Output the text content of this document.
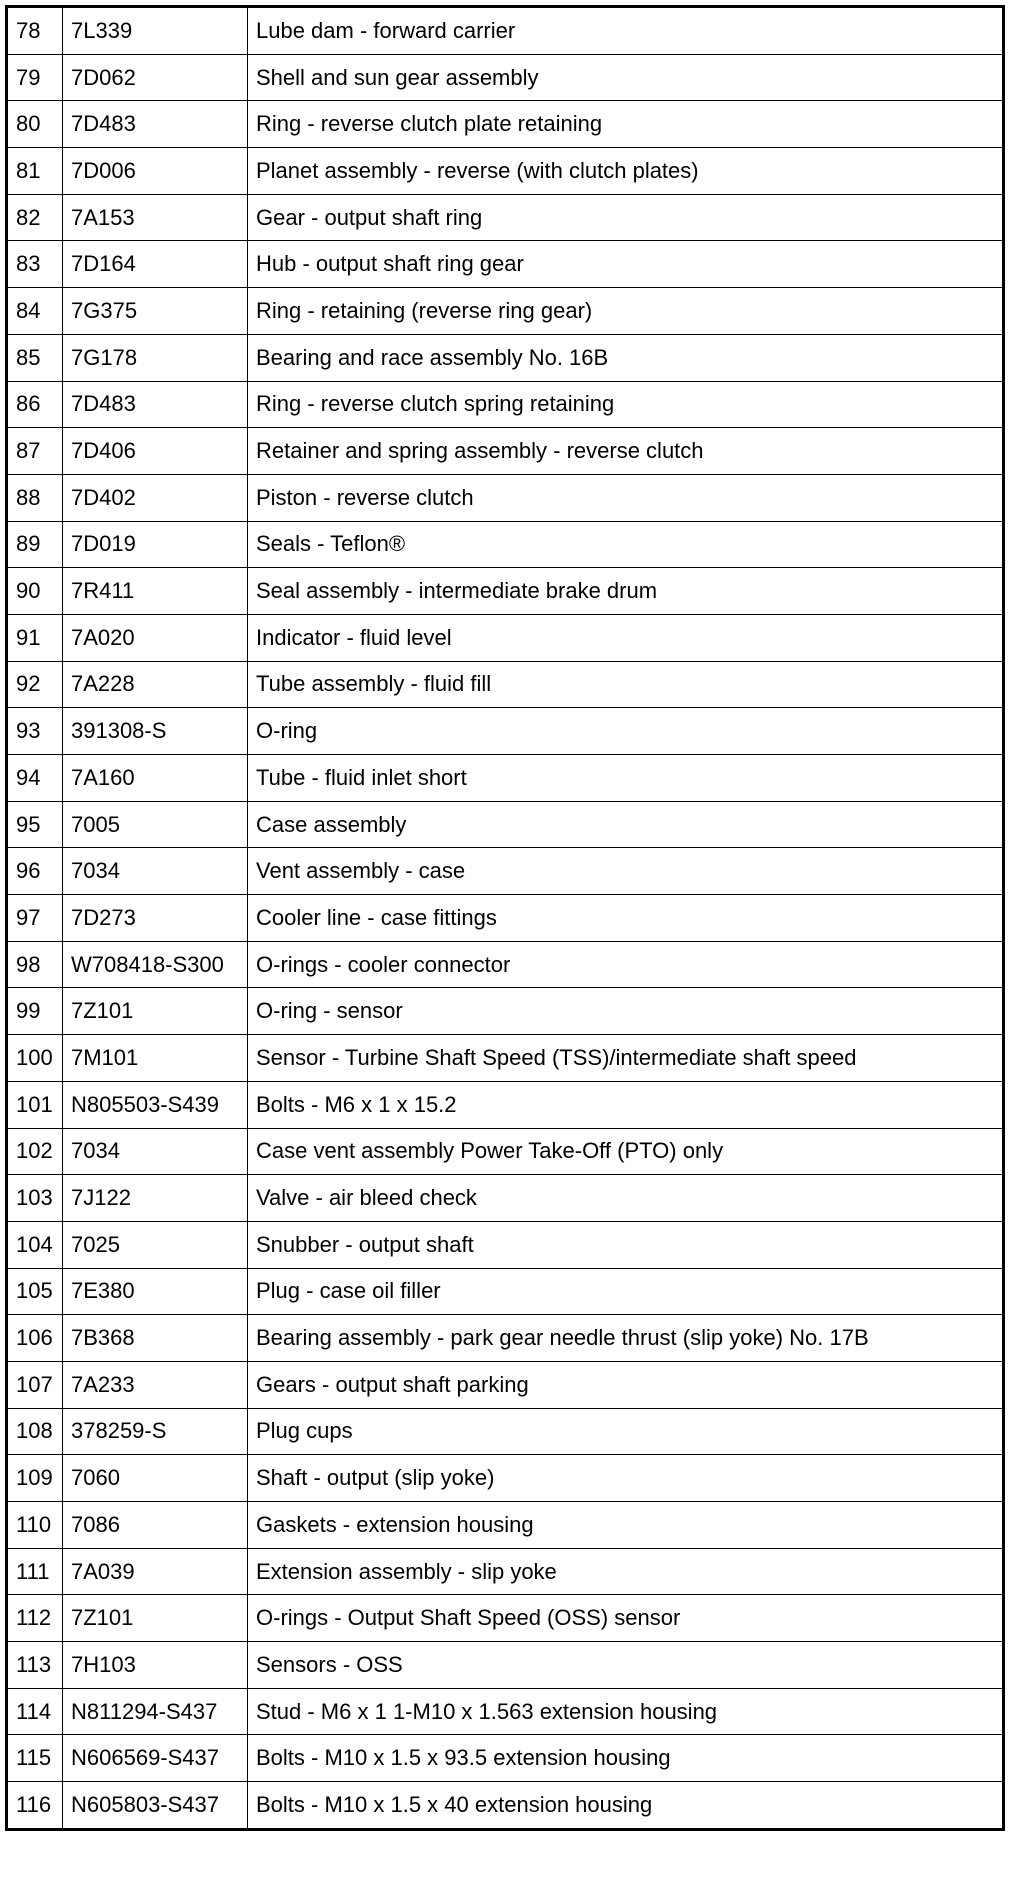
78	7L339	Lube dam - forward carrier
79	7D062	Shell and sun gear assembly
80	7D483	Ring - reverse clutch plate retaining
81	7D006	Planet assembly - reverse (with clutch plates)
82	7A153	Gear - output shaft ring
83	7D164	Hub - output shaft ring gear
84	7G375	Ring - retaining (reverse ring gear)
85	7G178	Bearing and race assembly No. 16B
86	7D483	Ring - reverse clutch spring retaining
87	7D406	Retainer and spring assembly - reverse clutch
88	7D402	Piston - reverse clutch
89	7D019	Seals - Teflon®
90	7R411	Seal assembly - intermediate brake drum
91	7A020	Indicator - fluid level
92	7A228	Tube assembly - fluid fill
93	391308-S	O-ring
94	7A160	Tube - fluid inlet short
95	7005	Case assembly
96	7034	Vent assembly - case
97	7D273	Cooler line - case fittings
98	W708418-S300	O-rings - cooler connector
99	7Z101	O-ring - sensor
100	7M101	Sensor - Turbine Shaft Speed (TSS)/intermediate shaft speed
101	N805503-S439	Bolts - M6 x 1 x 15.2
102	7034	Case vent assembly Power Take-Off (PTO) only
103	7J122	Valve - air bleed check
104	7025	Snubber - output shaft
105	7E380	Plug - case oil filler
106	7B368	Bearing assembly - park gear needle thrust (slip yoke) No. 17B
107	7A233	Gears - output shaft parking
108	378259-S	Plug cups
109	7060	Shaft - output (slip yoke)
110	7086	Gaskets - extension housing
111	7A039	Extension assembly - slip yoke
112	7Z101	O-rings - Output Shaft Speed (OSS) sensor
113	7H103	Sensors - OSS
114	N811294-S437	Stud - M6 x 1 1-M10 x 1.563 extension housing
115	N606569-S437	Bolts - M10 x 1.5 x 93.5 extension housing
116	N605803-S437	Bolts - M10 x 1.5 x 40 extension housing
